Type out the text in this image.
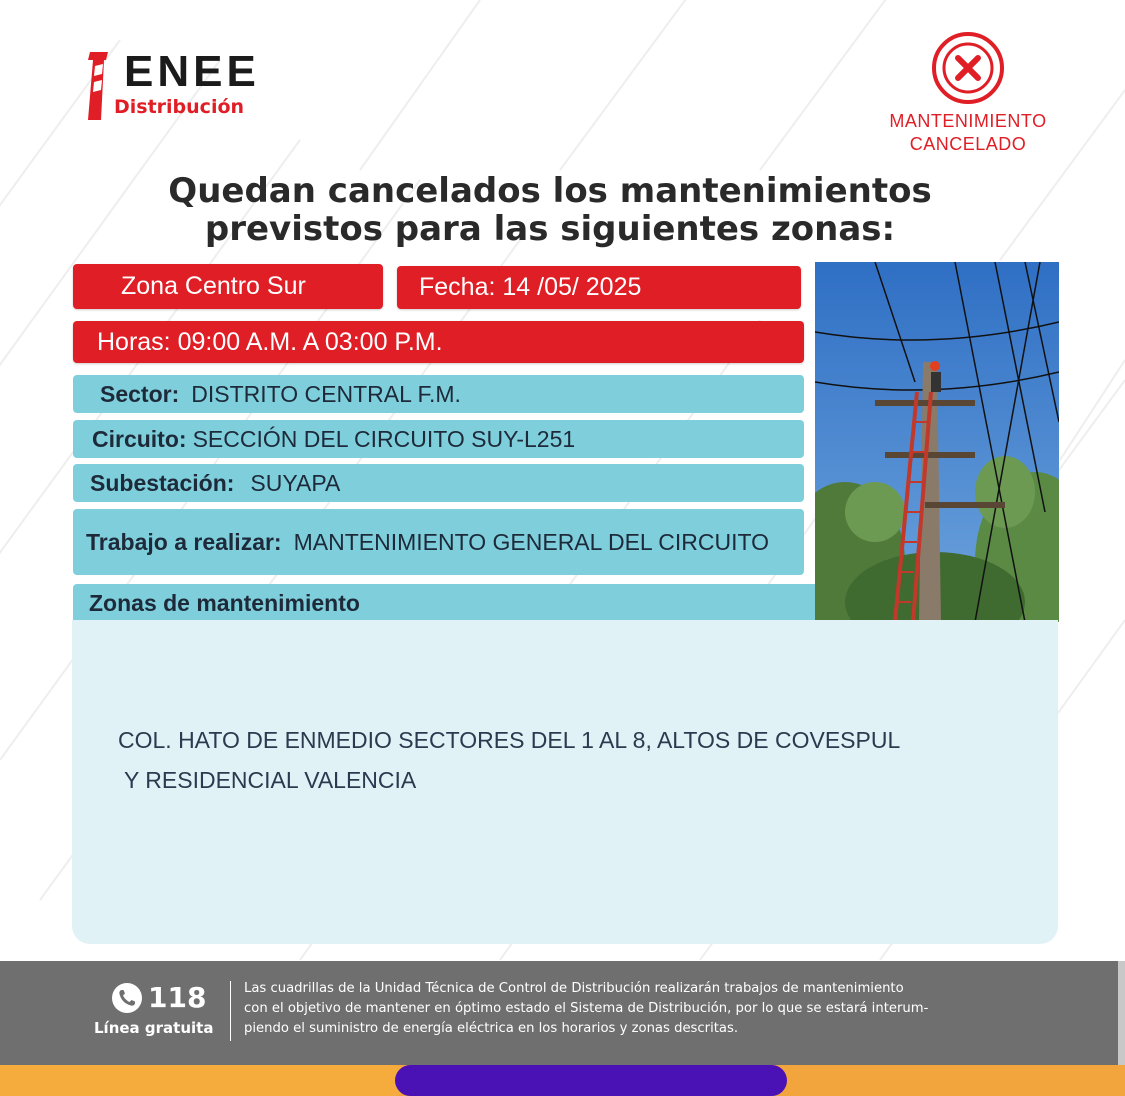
ENEE
Distribución
MANTENIMIENTO
CANCELADO
Quedan cancelados los mantenimientos
previstos para las siguientes zonas:
Zona Centro Sur	Fecha: 14 /05/ 2025
Horas: 09:00 A.M. A 03:00 P.M.
Sector: DISTRITO CENTRAL F.M.
Circuito: SECCIÓN DEL CIRCUITO SUY-L251
Subestación: SUYAPA
Trabajo a realizar: MANTENIMIENTO GENERAL DEL CIRCUITO
Zonas de mantenimiento
COL. HATO DE ENMEDIO SECTORES DEL 1 AL 8, ALTOS DE COVESPUL
Y RESIDENCIAL VALENCIA
118
Línea gratuita
Las cuadrillas de la Unidad Técnica de Control de Distribución realizarán trabajos de mantenimiento
con el objetivo de mantener en óptimo estado el Sistema de Distribución, por lo que se estará interum-
piendo el suministro de energía eléctrica en los horarios y zonas descritas.
